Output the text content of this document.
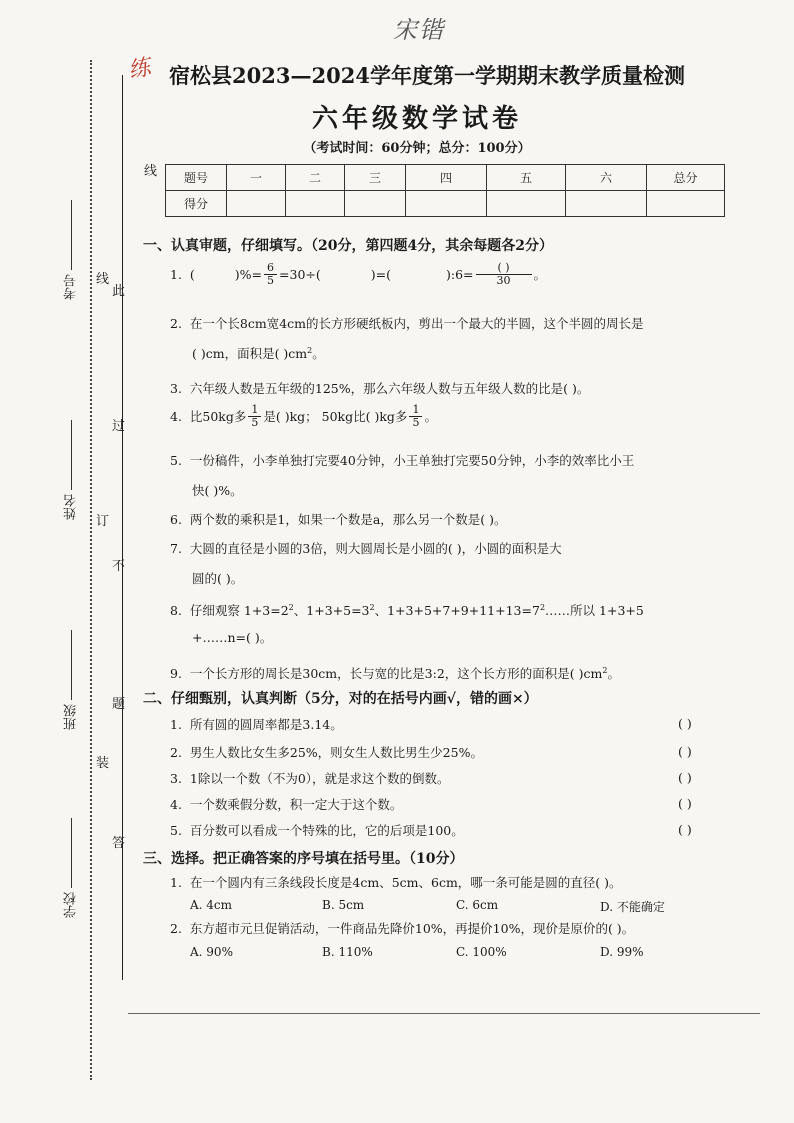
宋锴
练 宿松县2023—2024学年度第一学期期末教学质量检测
六年级数学试卷
（考试时间：60分钟；总分：100分）
题号	一	二	三	四	五	六	总分
得分							
考号
姓名
班级
学校
线
线
订
装
此
过
不
题
答
一、认真审题，仔细填写。（20分，第四题4分，其余每题各2分）
1.
(	)%= $\frac{6}{5} =30\div$(	)=(	):6= $\frac{( )}{30}$ 。
2. 在一个长8cm宽4cm的长方形硬纸板内，剪出一个最大的半圆，这个半圆的周长是
( )cm，面积是( )$cm^2$。
3. 六年级人数是五年级的125%，那么六年级人数与五年级人数的比是( )。
4.
比50kg多 $\frac{1}{5}$ 是( )kg； 50kg比( )kg多 $\frac{1}{5}$ 。
5. 一份稿件，小李单独打完要40分钟，小王单独打完要50分钟，小李的效率比小王
快( )%。
6. 两个数的乘积是1，如果一个数是a，那么另一个数是( )。
7. 大圆的直径是小圆的3倍，则大圆周长是小圆的( )，小圆的面积是大
圆的( )。
8. 仔细观察 $1+3=2^2$、$1+3+5=3^2$、$1+3+5+7+9+11+13=7^2\dots\dots$所以 1+3+5
+……n=( )。
9. 一个长方形的周长是30cm，长与宽的比是3:2，这个长方形的面积是( )$cm^2$。
二、仔细甄别，认真判断（5分，对的在括号内画√，错的画×）
1. 所有圆的圆周率都是3.14。	( )
2. 男生人数比女生多25%，则女生人数比男生少25%。	( )
3. 1除以一个数（不为0），就是求这个数的倒数。	( )
4. 一个数乘假分数，积一定大于这个数。	( )
5. 百分数可以看成一个特殊的比，它的后项是100。	( )
三、选择。把正确答案的序号填在括号里。（10分）
1. 在一个圆内有三条线段长度是4cm、5cm、6cm，哪一条可能是圆的直径( )。
A. 4cm	B. 5cm	C. 6cm	D. 不能确定
2. 东方超市元旦促销活动，一件商品先降价10%，再提价10%，现价是原价的( )。
A. 90%	B. 110%	C. 100%	D. 99%
